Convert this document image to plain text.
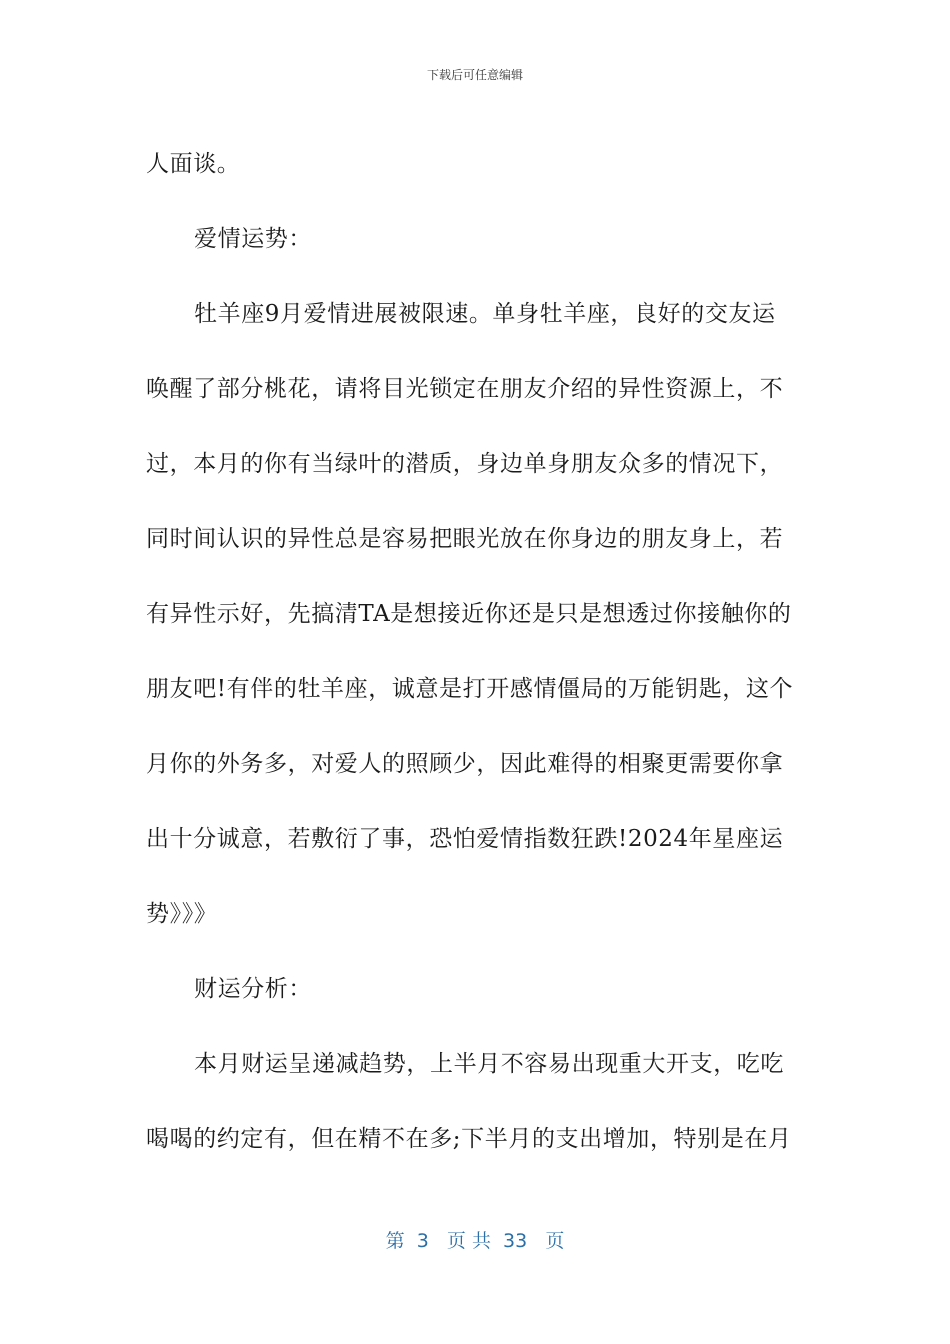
下载后可任意编辑
人面谈。
爱情运势：
牡羊座9月爱情进展被限速。单身牡羊座，良好的交友运
唤醒了部分桃花，请将目光锁定在朋友介绍的异性资源上，不
过，本月的你有当绿叶的潜质，身边单身朋友众多的情况下，
同时间认识的异性总是容易把眼光放在你身边的朋友身上，若
有异性示好，先搞清TA是想接近你还是只是想透过你接触你的
朋友吧!有伴的牡羊座，诚意是打开感情僵局的万能钥匙，这个
月你的外务多，对爱人的照顾少，因此难得的相聚更需要你拿
出十分诚意，若敷衍了事，恐怕爱情指数狂跌!2024年星座运
势》》》
财运分析：
本月财运呈递减趋势，上半月不容易出现重大开支，吃吃
喝喝的约定有，但在精不在多;下半月的支出增加，特别是在月
第  3   页 共  33   页
